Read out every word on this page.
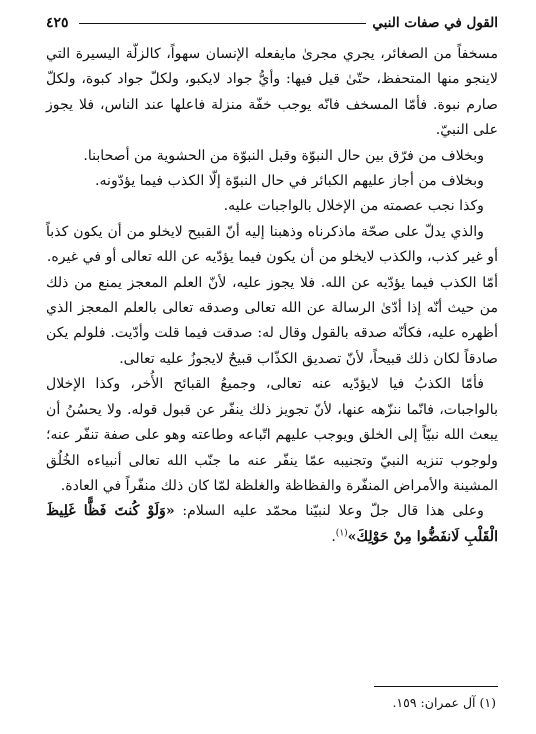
القول في صفات النبي
٤٢٥

مسخفاً من الصغائر، يجري مجرىٰ مايفعله الإنسان سهواً، كالزلّة اليسيرة التي لاينجو منها المتحفظ، حتّىٰ قيل فيها: وأيُّ جواد لايكبو، ولكلّ جواد كبوة، ولكلّ صارم نبوة. فأمّا المسخف فانّه يوجب خفّة منزلة فاعلها عند الناس، فلا يجوز على النبيّ.

وبخلاف من فرّق بين حال النبوّة وقبل النبوّة من الحشوية من أصحابنا.

وبخلاف من أجاز عليهم الكبائر في حال النبوّة إلّا الكذب فيما يؤدّونه.

وكذا نجب عصمته من الإخلال بالواجبات عليه.

والذي يدلّ على صحّة ماذكرناه وذهبنا إليه أنّ القبيح لايخلو من أن يكون كذباً أو غير كذب، والكذب لايخلو من أن يكون فيما يؤدّيه عن الله تعالى أو في غيره.

أمّا الكذب فيما يؤدّيه عن الله. فلا يجوز عليه، لأنّ العلم المعجز يمنع من ذلك من حيث أنّه إذا أدّىٰ الرسالة عن الله تعالى وصدقه تعالى بالعلم المعجز الذي أظهره عليه، فكأنّه صدقه بالقول وقال له: صدقت فيما قلت وأدّيت. فلولم يكن صادقاً لكان ذلك قبيحاً، لأنّ تصديق الكذّاب قبيحٌ لايجوزُ عليه تعالى.

فأمّا الكذبُ فيا لايؤدّيه عنه تعالى، وجميعُ القبائح الأُخر، وكذا الإخلال بالواجبات، فانّما ننزّهه عنها، لأنّ تجويز ذلك ينفّر عن قبول قوله. ولا يحسُنُ أن يبعث الله نبيّاً إلى الخلق ويوجب عليهم اتّباعه وطاعته وهو على صفة تنفّر عنه؛ ولوجوب تنزيه النبيّ وتجنيبه عمّا ينفّر عنه ما جنّب الله تعالى أنبياءه الخُلُق المشينة والأمراض المنفّرة والفظاظة والغلظة لمّا كان ذلك منفّراً في العادة.

وعلى هذا قال جلّ وعلا لنبيّنا محمّد عليه السلام: «وَلَوْ كُنتَ فَظًّا غَلِيظَ الْقَلْبِ لَانفَضُّوا مِنْ حَوْلِكَ»$^{(١)}$.

(١) آل عمران: ١٥٩.
